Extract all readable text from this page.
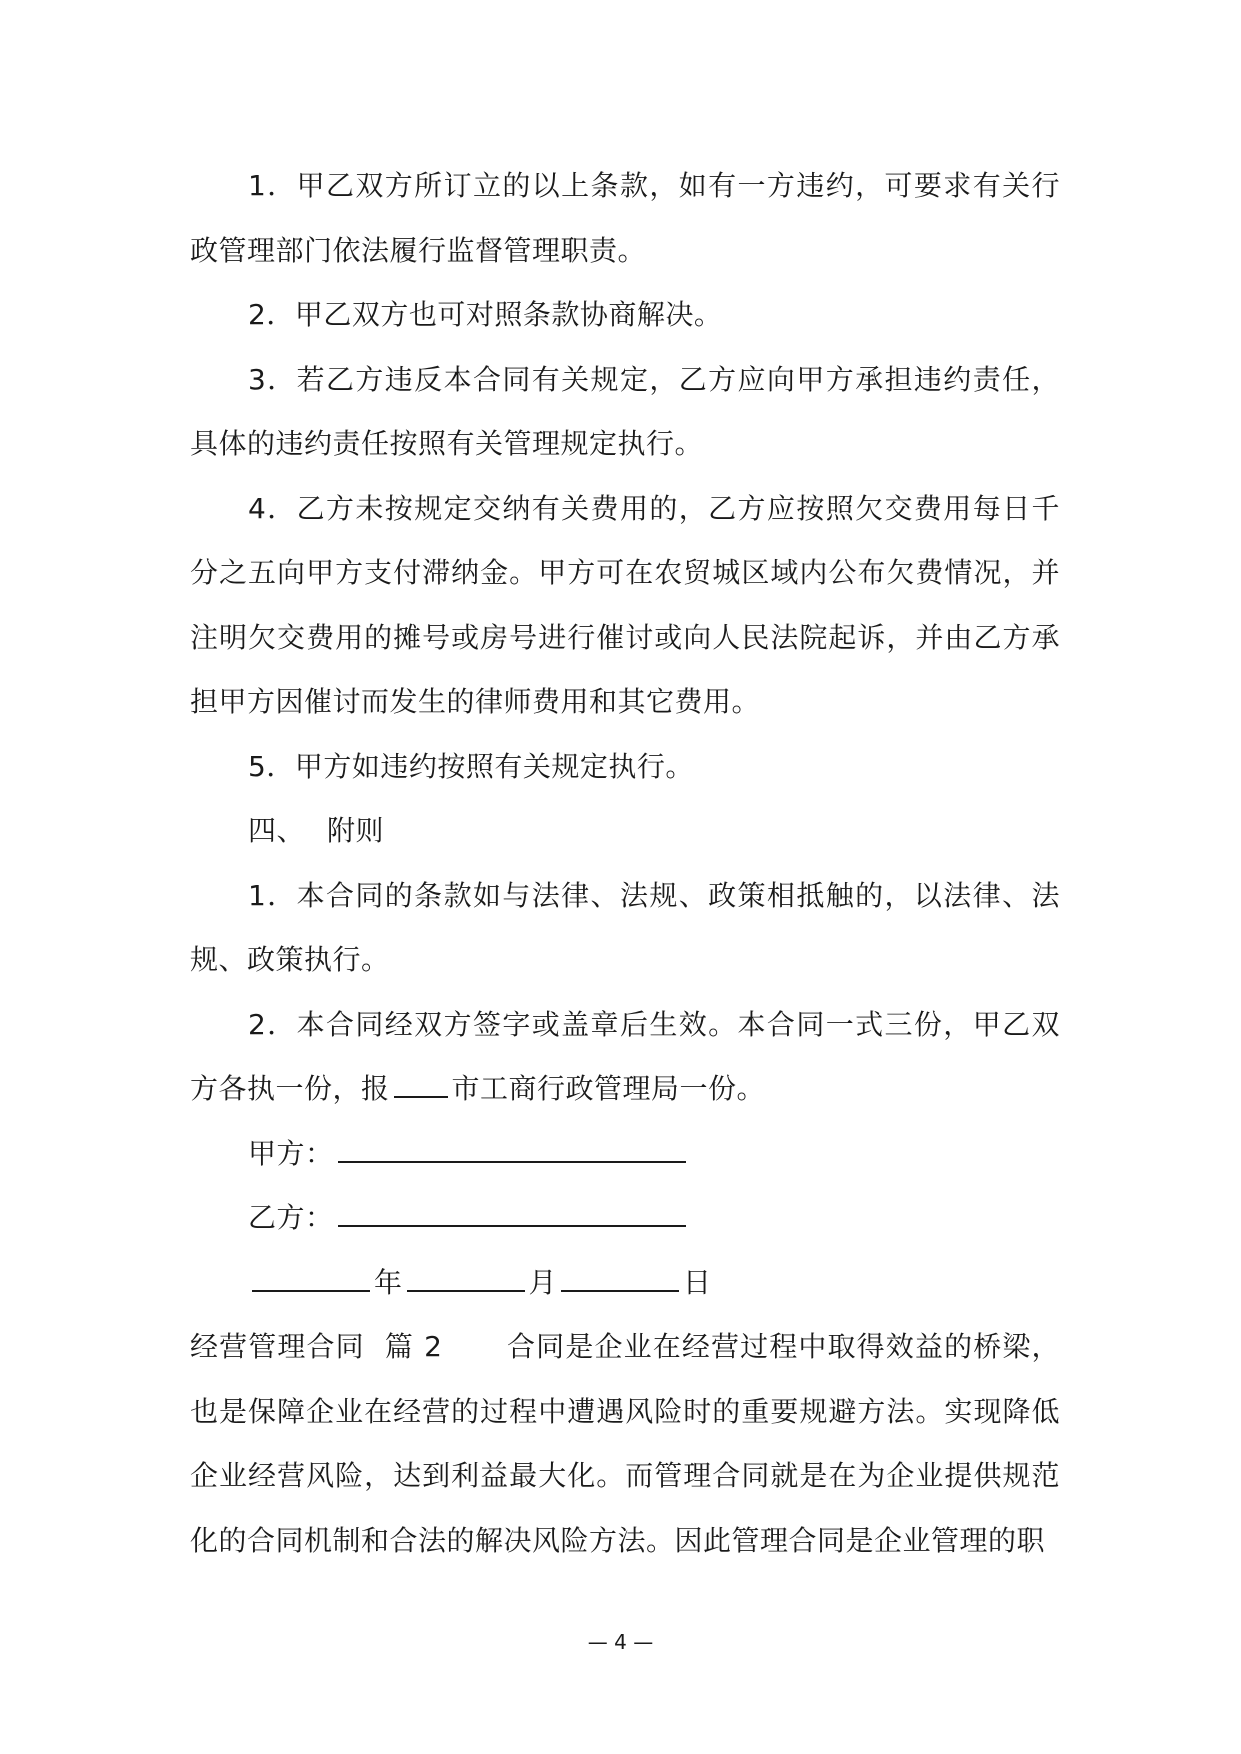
1．甲乙双方所订立的以上条款，如有一方违约，可要求有关行政管理部门依法履行监督管理职责。

2．甲乙双方也可对照条款协商解决。

3．若乙方违反本合同有关规定，乙方应向甲方承担违约责任，具体的违约责任按照有关管理规定执行。

4．乙方未按规定交纳有关费用的，乙方应按照欠交费用每日千分之五向甲方支付滞纳金。甲方可在农贸城区域内公布欠费情况，并注明欠交费用的摊号或房号进行催讨或向人民法院起诉，并由乙方承担甲方因催讨而发生的律师费用和其它费用。

5．甲方如违约按照有关规定执行。

四、 附则

1．本合同的条款如与法律、法规、政策相抵触的，以法律、法规、政策执行。

2．本合同经双方签字或盖章后生效。本合同一式三份，甲乙双方各执一份，报 市工商行政管理局一份。

甲方：

乙方：

年	月	日

经营管理合同 篇 2 合同是企业在经营过程中取得效益的桥梁，也是保障企业在经营的过程中遭遇风险时的重要规避方法。实现降低企业经营风险，达到利益最大化。而管理合同就是在为企业提供规范化的合同机制和合法的解决风险方法。因此管理合同是企业管理的职

— 4 —
